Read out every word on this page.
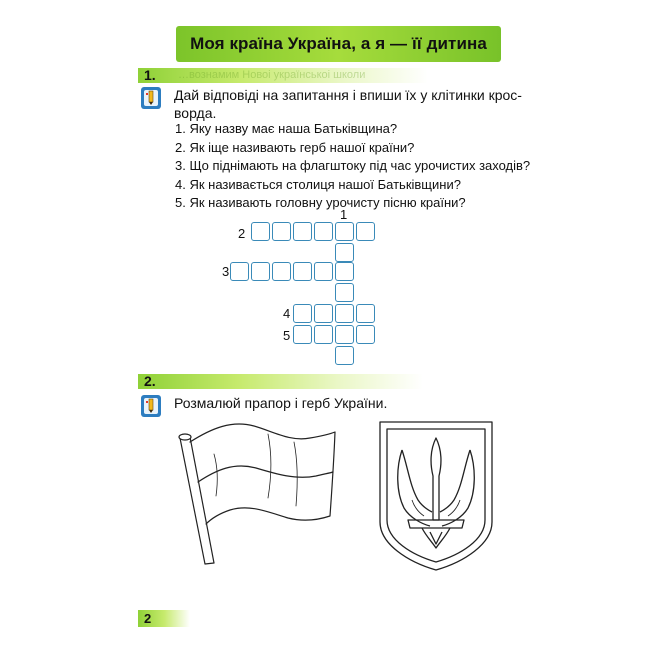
Моя країна Україна, а я — її дитина
1. …вознамим Новоі українськоі школи
Дай відповіді на запитання і впиши їх у клітинки крос-
ворда.
1. Яку назву має наша Батьківщина?
2. Як іще називають герб нашої країни?
3. Що піднімають на флагштоку під час урочистих заходів?
4. Як називається столиця нашої Батьківщини?
5. Як називають головну урочисту пісню країни?
1
2
3
4
5
2.
Розмалюй прапор і герб України.
2
